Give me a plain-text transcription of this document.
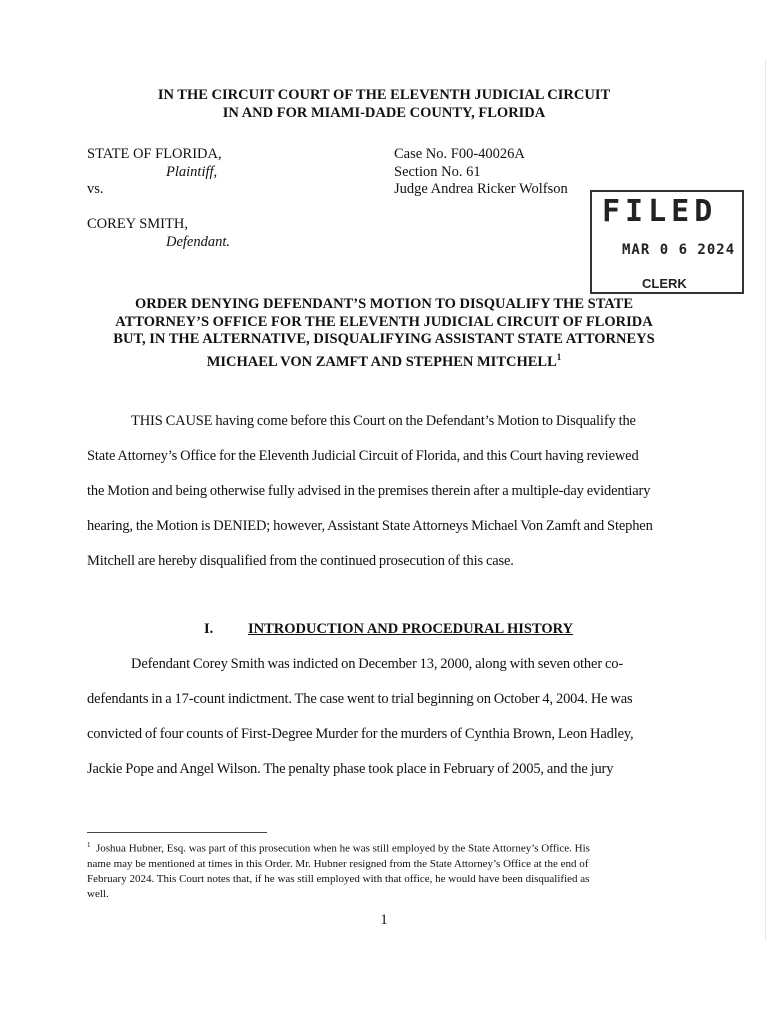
IN THE CIRCUIT COURT OF THE ELEVENTH JUDICIAL CIRCUIT
IN AND FOR MIAMI-DADE COUNTY, FLORIDA
STATE OF FLORIDA,
Plaintiff,
vs.
COREY SMITH,
Defendant.
Case No. F00-40026A
Section No. 61
Judge Andrea Ricker Wolfson
FILED
MAR 0 6 2024
CLERK
ORDER DENYING DEFENDANT’S MOTION TO DISQUALIFY THE STATE
ATTORNEY’S OFFICE FOR THE ELEVENTH JUDICIAL CIRCUIT OF FLORIDA
BUT, IN THE ALTERNATIVE, DISQUALIFYING ASSISTANT STATE ATTORNEYS
MICHAEL VON ZAMFT AND STEPHEN MITCHELL$^1$
THIS CAUSE having come before this Court on the Defendant’s Motion to Disqualify the
State Attorney’s Office for the Eleventh Judicial Circuit of Florida, and this Court having reviewed
the Motion and being otherwise fully advised in the premises therein after a multiple-day evidentiary
hearing, the Motion is DENIED; however, Assistant State Attorneys Michael Von Zamft and Stephen
Mitchell are hereby disqualified from the continued prosecution of this case.
I. INTRODUCTION AND PROCEDURAL HISTORY
Defendant Corey Smith was indicted on December 13, 2000, along with seven other co-
defendants in a 17-count indictment. The case went to trial beginning on October 4, 2004. He was
convicted of four counts of First-Degree Murder for the murders of Cynthia Brown, Leon Hadley,
Jackie Pope and Angel Wilson. The penalty phase took place in February of 2005, and the jury
$^1$ Joshua Hubner, Esq. was part of this prosecution when he was still employed by the State Attorney’s Office. His
name may be mentioned at times in this Order. Mr. Hubner resigned from the State Attorney’s Office at the end of
February 2024. This Court notes that, if he was still employed with that office, he would have been disqualified as
well.
1
